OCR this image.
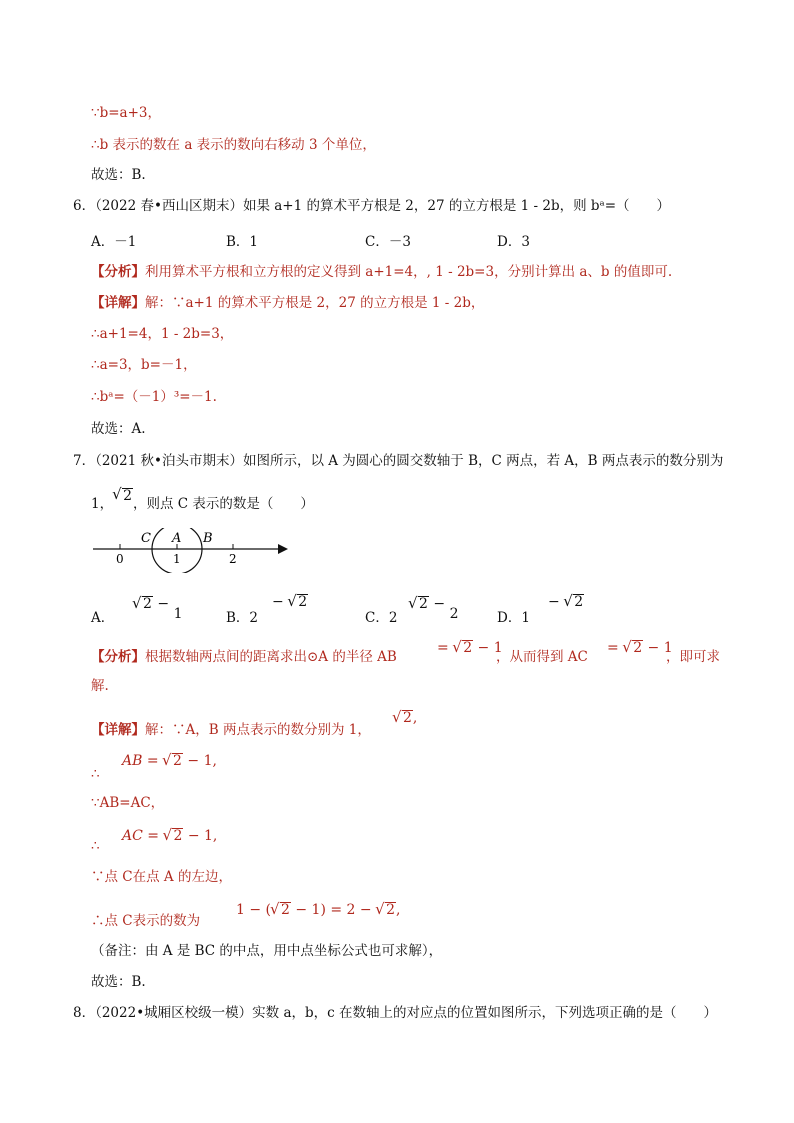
∵b=a+3，
∴b 表示的数在 a 表示的数向右移动 3 个单位，
故选：B.
6．（2022 春•西山区期末）如果 a+1 的算术平方根是 2，27 的立方根是 1 - 2b，则 bᵃ=（　　）
A．－1	B．1	C．－3	D．3
【分析】利用算术平方根和立方根的定义得到 a+1=4，, 1 - 2b=3，分别计算出 a、b 的值即可.
【详解】解：∵a+1 的算术平方根是 2，27 的立方根是 1 - 2b，
∴a+1=4，1 - 2b=3，
∴a=3，b=－1，
∴bᵃ=（－1）³=－1.
故选：A.
7．（2021 秋•泊头市期末）如图所示，以 A 为圆心的圆交数轴于 B，C 两点，若 A，B 两点表示的数分别为
1， √ 2，则点 C 表示的数是（　　）
C A B
0	1	2
A．
√ 2 − 1	B．2
− √ 2
C．2
√ 2 − 2	D．1
− √ 2
【分析】根据数轴两点间的距离求出⊙A 的半径 AB
= √ 2 − 1
，从而得到 AC
= √ 2 − 1
，即可求
解.
【详解】解：∵A，B 两点表示的数分别为 1，
√ 2,
∴
AB = √ 2 − 1,
∵AB=AC，
∴
AC = √ 2 − 1,
∵点 C在点 A 的左边，
∴点 C表示的数为
1 − ( √ 2 − 1) = 2 − √ 2,
（备注：由 A 是 BC 的中点，用中点坐标公式也可求解），
故选：B.
8．（2022•城厢区校级一模）实数 a，b，c 在数轴上的对应点的位置如图所示，下列选项正确的是（　　）
